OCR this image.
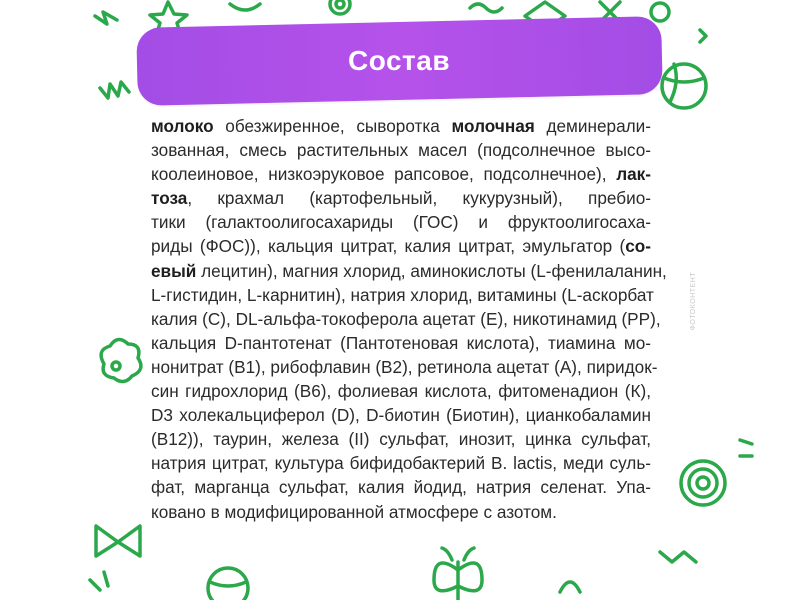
Состав
молоко обезжиренное, сыворотка молочная деминерали-
зованная, смесь растительных масел (подсолнечное высо-
коолеиновое, низкоэруковое рапсовое, подсолнечное), лак-
тоза, крахмал (картофельный, кукурузный), пребио-
тики (галактоолигосахариды (ГОС) и фруктоолигосаха-
риды (ФОС)), кальция цитрат, калия цитрат, эмульгатор (со-
евый лецитин), магния хлорид, аминокислоты (L-фенилаланин,
L-гистидин, L-карнитин), натрия хлорид, витамины (L-аскорбат
калия (С), DL-альфа-токоферола ацетат (Е), никотинамид (РР),
кальция D-пантотенат (Пантотеновая кислота), тиамина мо-
нонитрат (B1), рибофлавин (B2), ретинола ацетат (А), пиридок-
син гидрохлорид (B6), фолиевая кислота, фитоменадион (К),
D3 холекальциферол (D), D-биотин (Биотин), цианкобаламин
(B12)), таурин, железа (II) сульфат, инозит, цинка сульфат,
натрия цитрат, культура бифидобактерий B. lactis, меди суль-
фат, марганца сульфат, калия йодид, натрия селенат. Упа-
ковано в модифицированной атмосфере с азотом.
ФОТОКОНТЕНТ
